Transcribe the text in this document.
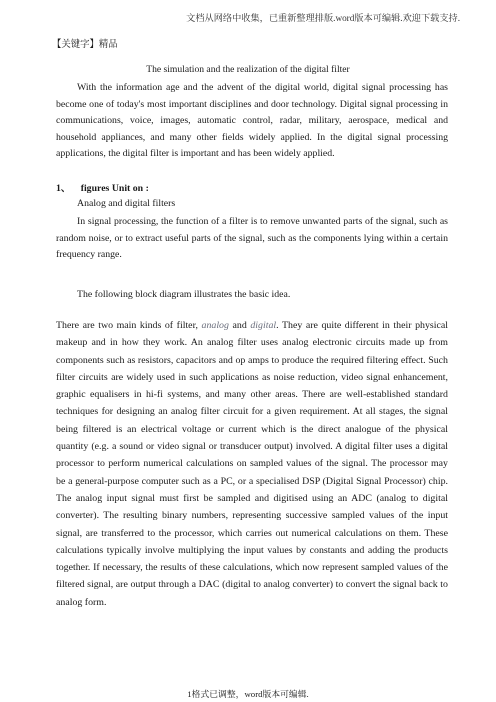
文档从网络中收集，已重新整理排版.word版本可编辑.欢迎下载支持.
【关键字】精品
The simulation and the realization of the digital filter

With the information age and the advent of the digital world, digital signal processing has become one of today's most important disciplines and door technology. Digital signal processing in communications, voice, images, automatic control, radar, military, aerospace, medical and household appliances, and many other fields widely applied. In the digital signal processing applications, the digital filter is important and has been widely applied.

1、 figures Unit on :
Analog and digital filters

In signal processing, the function of a filter is to remove unwanted parts of the signal, such as random noise, or to extract useful parts of the signal, such as the components lying within a certain frequency range.

The following block diagram illustrates the basic idea.

There are two main kinds of filter, analog and digital. They are quite different in their physical makeup and in how they work. An analog filter uses analog electronic circuits made up from components such as resistors, capacitors and op amps to produce the required filtering effect. Such filter circuits are widely used in such applications as noise reduction, video signal enhancement, graphic equalisers in hi-fi systems, and many other areas. There are well-established standard techniques for designing an analog filter circuit for a given requirement. At all stages, the signal being filtered is an electrical voltage or current which is the direct analogue of the physical quantity (e.g. a sound or video signal or transducer output) involved. A digital filter uses a digital processor to perform numerical calculations on sampled values of the signal. The processor may be a general-purpose computer such as a PC, or a specialised DSP (Digital Signal Processor) chip. The analog input signal must first be sampled and digitised using an ADC (analog to digital converter). The resulting binary numbers, representing successive sampled values of the input signal, are transferred to the processor, which carries out numerical calculations on them. These calculations typically involve multiplying the input values by constants and adding the products together. If necessary, the results of these calculations, which now represent sampled values of the filtered signal, are output through a DAC (digital to analog converter) to convert the signal back to analog form.

1格式已调整，word版本可编辑.
